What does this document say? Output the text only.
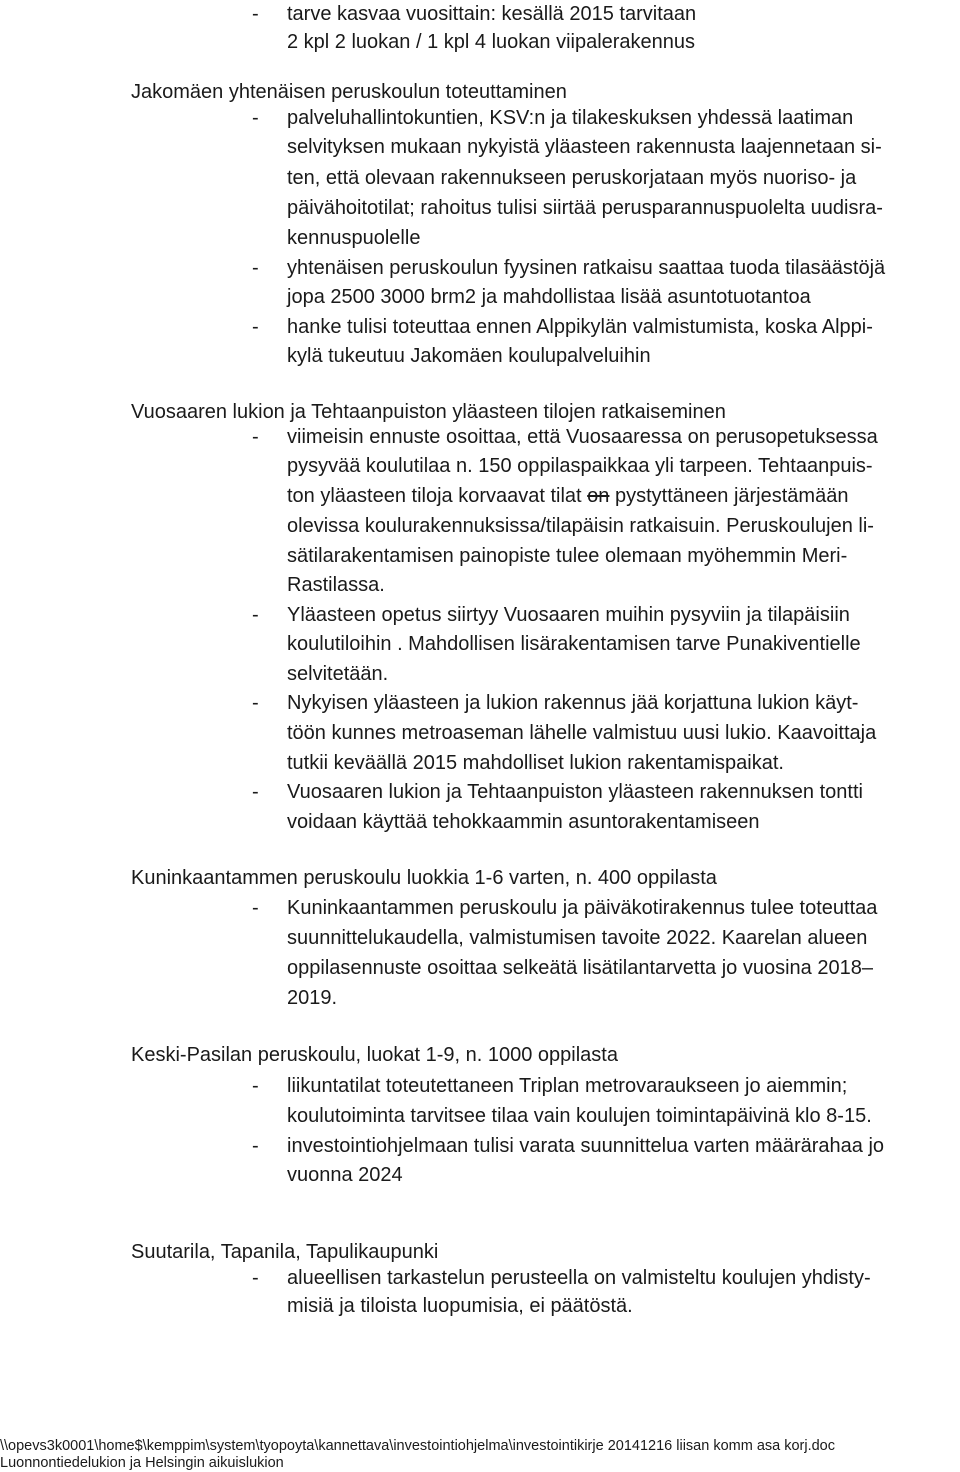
- tarve kasvaa vuosittain: kesällä 2015 tarvitaan
2 kpl 2 luokan / 1 kpl 4 luokan viipalerakennus
Jakomäen yhtenäisen peruskoulun toteuttaminen
- palveluhallintokuntien, KSV:n ja tilakeskuksen yhdessä laatiman
selvityksen mukaan nykyistä yläasteen rakennusta laajennetaan si-
ten, että olevaan rakennukseen peruskorjataan myös nuoriso- ja
päivähoitotilat; rahoitus tulisi siirtää perusparannuspuolelta uudisra-
kennuspuolelle
- yhtenäisen peruskoulun fyysinen ratkaisu saattaa tuoda tilasäästöjä
jopa 2500 3000 brm2 ja mahdollistaa lisää asuntotuotantoa
- hanke tulisi toteuttaa ennen Alppikylän valmistumista, koska Alppi-
kylä tukeutuu Jakomäen koulupalveluihin
Vuosaaren lukion ja Tehtaanpuiston yläasteen tilojen ratkaiseminen
- viimeisin ennuste osoittaa, että Vuosaaressa on perusopetuksessa
pysyvää koulutilaa n. 150 oppilaspaikkaa yli tarpeen. Tehtaanpuis-
ton yläasteen tiloja korvaavat tilat on pystyttäneen järjestämään
olevissa koulurakennuksissa/tilapäisin ratkaisuin. Peruskoulujen li-
sätilarakentamisen painopiste tulee olemaan myöhemmin Meri-
Rastilassa.
- Yläasteen opetus siirtyy Vuosaaren muihin pysyviin ja tilapäisiin
koulutiloihin . Mahdollisen lisärakentamisen tarve Punakiventielle
selvitetään.
- Nykyisen yläasteen ja lukion rakennus jää korjattuna lukion käyt-
töön kunnes metroaseman lähelle valmistuu uusi lukio. Kaavoittaja
tutkii keväällä 2015 mahdolliset lukion rakentamispaikat.
- Vuosaaren lukion ja Tehtaanpuiston yläasteen rakennuksen tontti
voidaan käyttää tehokkaammin asuntorakentamiseen
Kuninkaantammen peruskoulu luokkia 1-6 varten, n. 400 oppilasta
- Kuninkaantammen peruskoulu ja päiväkotirakennus tulee toteuttaa
suunnittelukaudella, valmistumisen tavoite 2022. Kaarelan alueen
oppilasennuste osoittaa selkeätä lisätilantarvetta jo vuosina 2018–
2019.
Keski-Pasilan peruskoulu, luokat 1-9, n. 1000 oppilasta
- liikuntatilat toteutettaneen Triplan metrovaraukseen jo aiemmin;
koulutoiminta tarvitsee tilaa vain koulujen toimintapäivinä klo 8-15.
- investointiohjelmaan tulisi varata suunnittelua varten määrärahaa jo
vuonna 2024
Suutarila, Tapanila, Tapulikaupunki
- alueellisen tarkastelun perusteella on valmisteltu koulujen yhdisty-
misiä ja tiloista luopumisia, ei päätöstä.
\\opevs3k0001\home$\kemppim\system\tyopoyta\kannettava\investointiohjelma\investointikirje 20141216 liisan komm asa korj.doc
Luonnontiedelukion ja Helsingin aikuislukion
